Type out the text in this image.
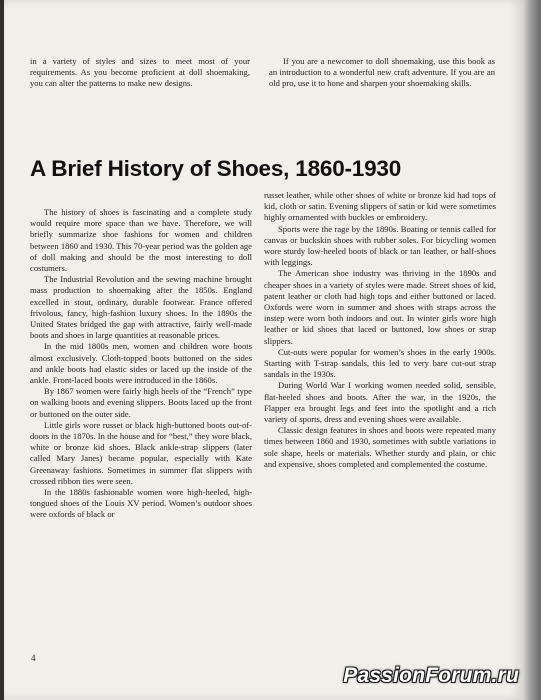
in a variety of styles and sizes to meet most of your requirements. As you become proficient at doll shoemaking, you can alter the patterns to make new designs.

If you are a newcomer to doll shoemaking, use this book as an introduction to a wonderful new craft adventure. If you are an old pro, use it to hone and sharpen your shoemaking skills.

A Brief History of Shoes, 1860-1930

The history of shoes is fascinating and a complete study would require more space than we have. Therefore, we will briefly summarize shoe fashions for women and children between 1860 and 1930. This 70-year period was the golden age of doll making and should be the most interesting to doll costumers.

The Industrial Revolution and the sewing machine brought mass production to shoemaking after the 1850s. England excelled in stout, ordinary, durable footwear. France offered frivolous, fancy, high-fashion luxury shoes. In the 1890s the United States bridged the gap with attractive, fairly well-made boots and shoes in large quantities at reasonable prices.

In the mid 1800s men, women and children wore boots almost exclusively. Cloth-topped boots buttoned on the sides and ankle boots had elastic sides or laced up the inside of the ankle. Front-laced boots were introduced in the 1860s.

By 1867 women were fairly high heels of the “French” type on walking boots and evening slippers. Boots laced up the front or buttoned on the outer side.

Little girls wore russet or black high-buttoned boots out-of-doors in the 1870s. In the house and for “best,” they wore black, white or bronze kid shoes. Black ankle-strap slippers (later called Mary Janes) became popular, especially with Kate Greenaway fashions. Sometimes in summer flat slippers with crossed ribbon ties were seen.

In the 1880s fashionable women wore high-heeled, high-tongued shoes of the Louis XV period. Women’s outdoor shoes were oxfords of black or

russet leather, while other shoes of white or bronze kid had tops of kid, cloth or satin. Evening slippers of satin or kid were sometimes highly ornamented with buckles or embroidery.

Sports were the rage by the 1890s. Boating or tennis called for canvas or buckskin shoes with rubber soles. For bicycling women wore sturdy low-heeled boots of black or tan leather, or half-shoes with leggings.

The American shoe industry was thriving in the 1890s and cheaper shoes in a variety of styles were made. Street shoes of kid, patent leather or cloth had high tops and either buttoned or laced. Oxfords were worn in summer and shoes with straps across the instep were worn both indoors and out. In winter girls wore high leather or kid shoes that laced or buttoned, low shoes or strap slippers.

Cut-outs were popular for women’s shoes in the early 1900s. Starting with T-strap sandals, this led to very bare cut-out strap sandals in the 1930s.

During World War I working women needed solid, sensible, flat-heeled shoes and boots. After the war, in the 1920s, the Flapper era brought legs and feet into the spotlight and a rich variety of sports, dress and evening shoes were available.

Classic design features in shoes and boots were repeated many times between 1860 and 1930, sometimes with subtle variations in sole shape, heels or materials. Whether sturdy and plain, or chic and expensive, shoes completed and complemented the costume.

4
PassionForum.ru
